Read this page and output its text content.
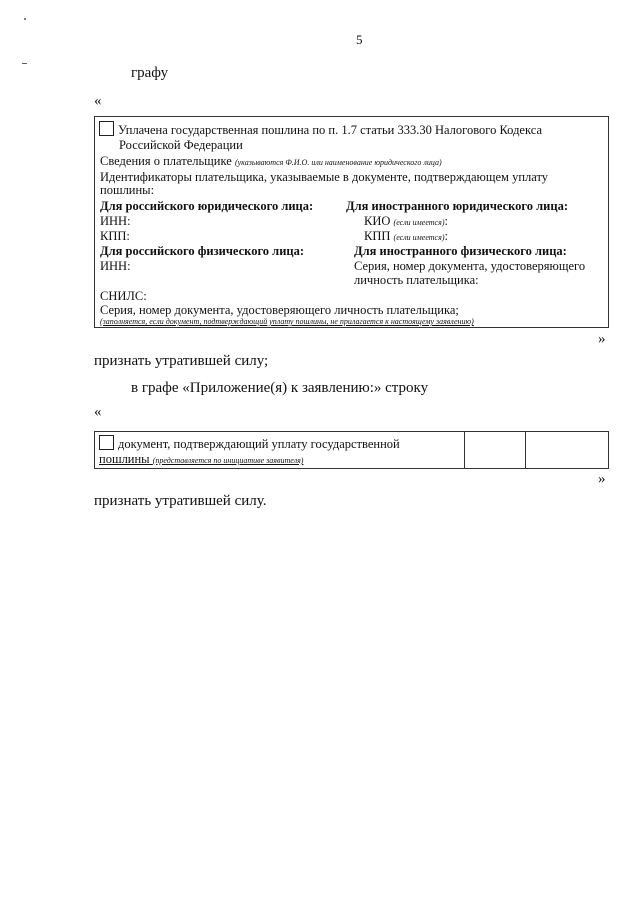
5
графу
«
Уплачена государственная пошлина по п. 1.7 статьи 333.30 Налогового Кодекса
Российской Федерации
Сведения о плательщике (указываются Ф.И.О. или наименование юридического лица)
Идентификаторы плательщика, указываемые в документе, подтверждающем уплату
пошлины:
Для российского юридического лица:	Для иностранного юридического лица:
ИНН:	КИО (если имеется):
КПП:	КПП (если имеется):
Для российского физического лица:	Для иностранного физического лица:
ИНН:	Серия, номер документа, удостоверяющего
личность плательщика:
СНИЛС:
Серия, номер документа, удостоверяющего личность плательщика;
(заполняется, если документ, подтверждающий уплату пошлины, не прилагается к настоящему заявлению)
»
признать утратившей силу;
в графе «Приложение(я) к заявлению:» строку
«
документ, подтверждающий уплату государственной
пошлины (представляется по инициативе заявителя)
»
признать утратившей силу.
